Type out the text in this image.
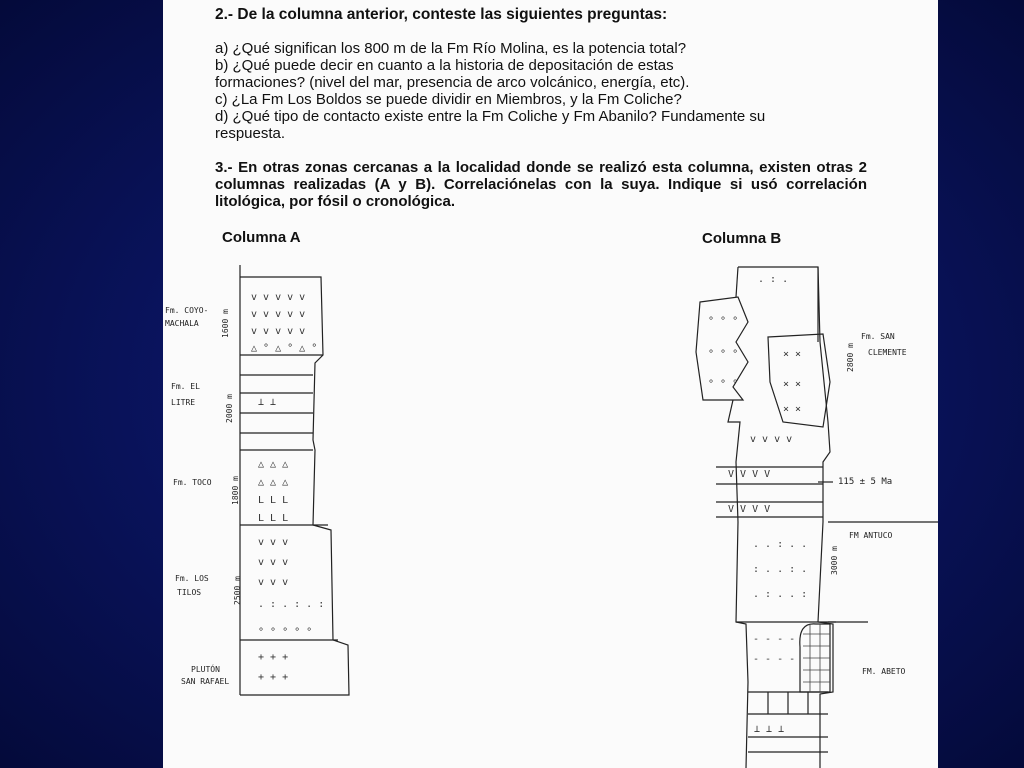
2.- De la columna anterior, conteste las siguientes preguntas:
a) ¿Qué significan los 800 m de la Fm Río Molina, es la potencia total?
b) ¿Qué puede decir en cuanto a la historia de depositación de estas
formaciones? (nivel del mar, presencia de arco volcánico, energía, etc).
c) ¿La Fm Los Boldos se puede dividir en Miembros, y la Fm Coliche?
d) ¿Qué tipo de contacto existe entre la Fm Coliche y Fm Abanilo? Fundamente su
respuesta.
3.- En otras zonas cercanas a la localidad donde se realizó esta columna, existen otras 2 columnas realizadas (A y B). Correlaciónelas con la suya. Indique si usó correlación litológica, por fósil o cronológica.
Columna A	Columna B
v v v v v
v v v v v
v v v v v
△ ° △ ° △ °
⊥ ⊥
△ △ △
△ △ △
L L L
L L L
v v v
v v v
v v v
. : . : . :
° ° ° ° °
+ + +
+ + +
Fm. COYO-
MACHALA	1600 m
Fm. EL
LITRE	2000 m
Fm. TOCO 1800 m
Fm. LOS
TILOS	2500 m
PLUTÓN
SAN RAFAEL
° ° °
° ° °
° ° °
× ×
× ×
× ×
. : .
v v v v
V V V V
V V V V
. . : . .
: . . : .
. : . . :
- - - -
- - - -
⊥ ⊥ ⊥
Fm. SAN
CLEMENTE
2800 m
115 ± 5 Ma
FM ANTUCO
3000 m
FM. ABETO
